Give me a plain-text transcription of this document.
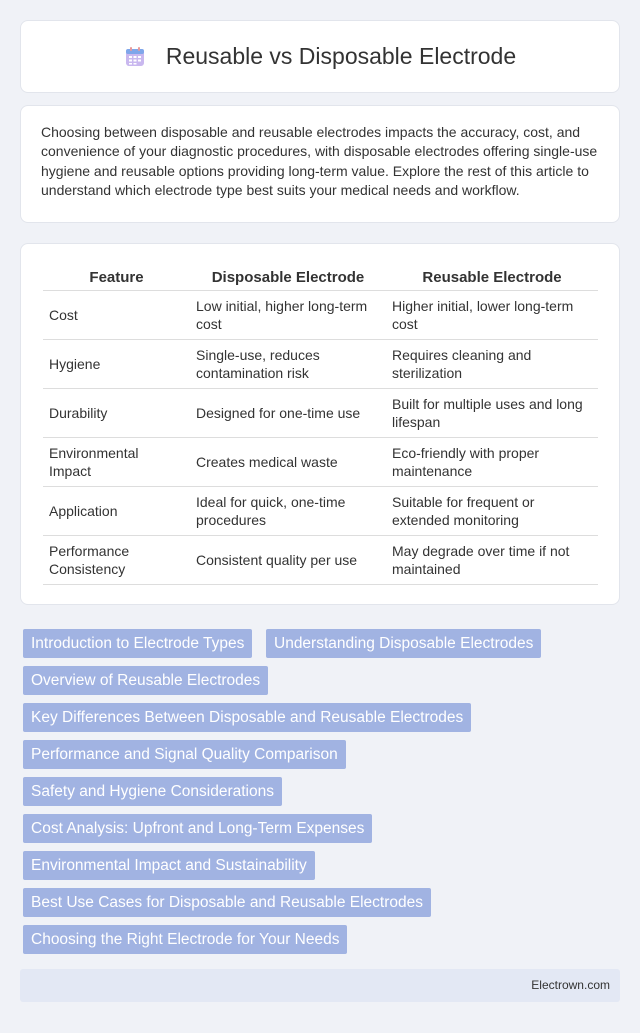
Reusable vs Disposable Electrode

Choosing between disposable and reusable electrodes impacts the accuracy, cost, and convenience of your diagnostic procedures, with disposable electrodes offering single-use hygiene and reusable options providing long-term value. Explore the rest of this article to understand which electrode type best suits your medical needs and workflow.

Feature	Disposable Electrode	Reusable Electrode
Cost	Low initial, higher long-term cost	Higher initial, lower long-term cost
Hygiene	Single-use, reduces contamination risk	Requires cleaning and sterilization
Durability	Designed for one-time use	Built for multiple uses and long lifespan
Environmental Impact	Creates medical waste	Eco-friendly with proper maintenance
Application	Ideal for quick, one-time procedures	Suitable for frequent or extended monitoring
Performance Consistency	Consistent quality per use	May degrade over time if not maintained
Introduction to Electrode Types	Understanding Disposable Electrodes
Overview of Reusable Electrodes
Key Differences Between Disposable and Reusable Electrodes
Performance and Signal Quality Comparison
Safety and Hygiene Considerations
Cost Analysis: Upfront and Long-Term Expenses
Environmental Impact and Sustainability
Best Use Cases for Disposable and Reusable Electrodes
Choosing the Right Electrode for Your Needs
Electrown.com
